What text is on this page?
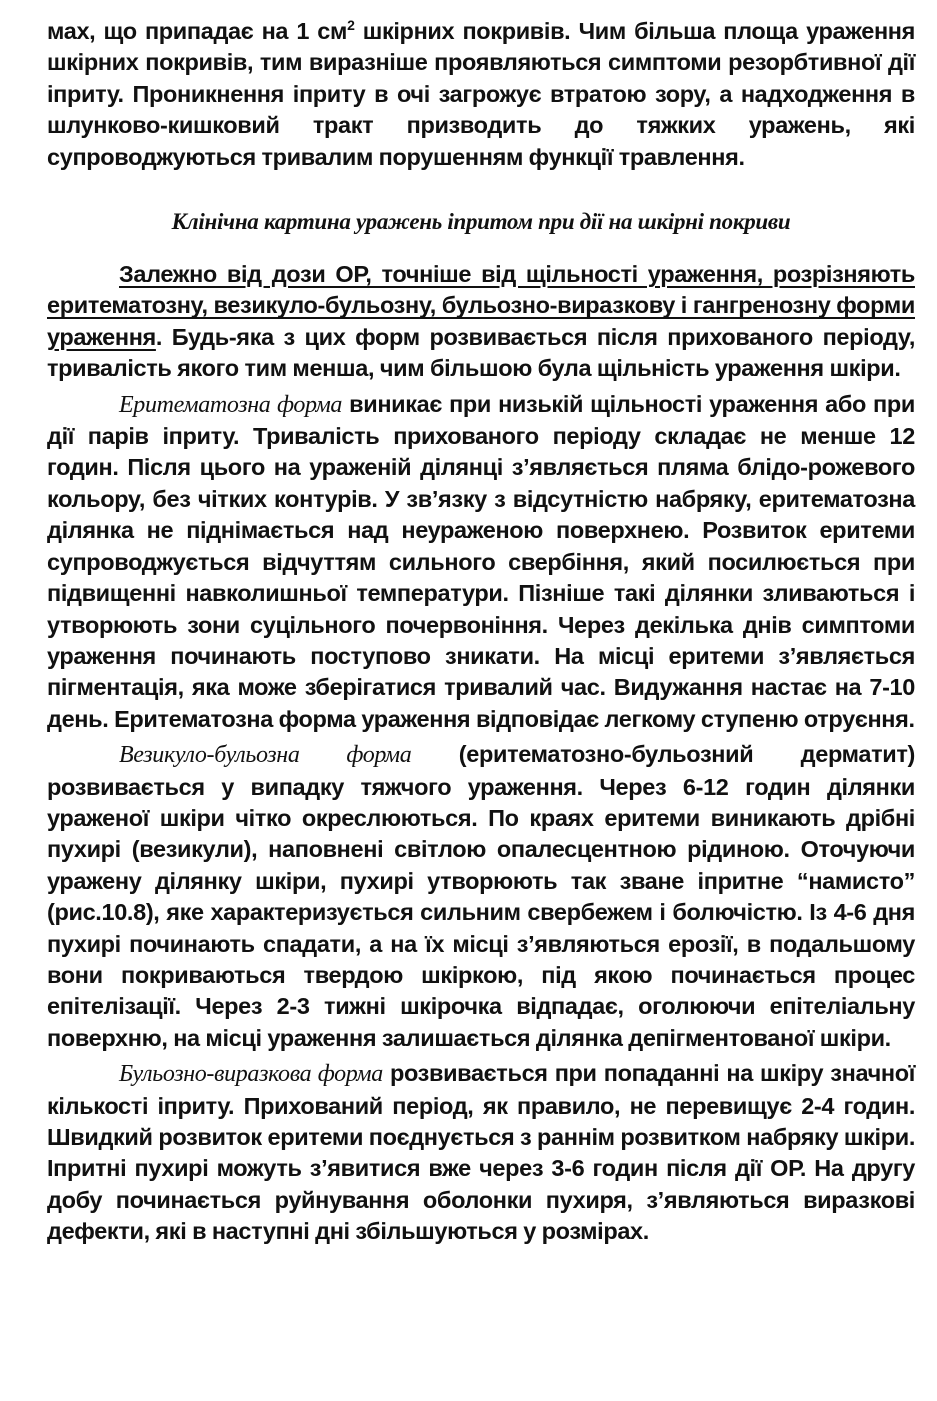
мах, що припадає на 1 $см^2$ шкірних покривів. Чим більша площа ураження шкірних покривів, тим виразніше проявляються симптоми резорбтивної дії іприту. Проникнення іприту в очі загрожує втратою зору, а надходження в шлунково-кишковий тракт призводить до тяжких уражень, які супроводжуються тривалим порушенням функції травлення.

Клінічна картина уражень іпритом при дії на шкірні покриви

Залежно від дози ОР, точніше від щільності ураження, розрізняють еритематозну, везикуло-бульозну, бульозно-виразкову і гангренозну форми ураження. Будь-яка з цих форм розвивається після прихованого періоду, тривалість якого тим менша, чим більшою була щільність ураження шкіри.

Еритематозна форма виникає при низькій щільності ураження або при дії парів іприту. Тривалість прихованого періоду складає не менше 12 годин. Після цього на ураженій ділянці з’являється пляма блідо-рожевого кольору, без чітких контурів. У зв’язку з відсутністю набряку, еритематозна ділянка не піднімається над неураженою поверхнею. Розвиток еритеми супроводжується відчуттям сильного свербіння, який посилюється при підвищенні навколишньої температури. Пізніше такі ділянки зливаються і утворюють зони суцільного почервоніння. Через декілька днів симптоми ураження починають поступово зникати. На місці еритеми з’являється пігментація, яка може зберігатися тривалий час. Видужання настає на 7-10 день. Еритематозна форма ураження відповідає легкому ступеню отруєння.

Везикуло-бульозна форма (еритематозно-бульозний дерматит) розвивається у випадку тяжчого ураження. Через 6-12 годин ділянки ураженої шкіри чітко окреслюються. По краях еритеми виникають дрібні пухирі (везикули), наповнені світлою опалесцентною рідиною. Оточуючи уражену ділянку шкіри, пухирі утворюють так зване іпритне “намисто” (рис.10.8), яке характеризується сильним свербежем і болючістю. Із 4-6 дня пухирі починають спадати, а на їх місці з’являються ерозії, в подальшому вони покриваються твердою шкіркою, під якою починається процес епітелізації. Через 2-3 тижні шкірочка відпадає, оголюючи епітеліальну поверхню, на місці ураження залишається ділянка депігментованої шкіри.

Бульозно-виразкова форма розвивається при попаданні на шкіру значної кількості іприту. Прихований період, як правило, не перевищує 2-4 годин. Швидкий розвиток еритеми поєднується з раннім розвитком набряку шкіри. Іпритні пухирі можуть з’явитися вже через 3-6 годин після дії ОР. На другу добу починається руйнування оболонки пухиря, з’являються виразкові дефекти, які в наступні дні збільшуються у розмірах.
